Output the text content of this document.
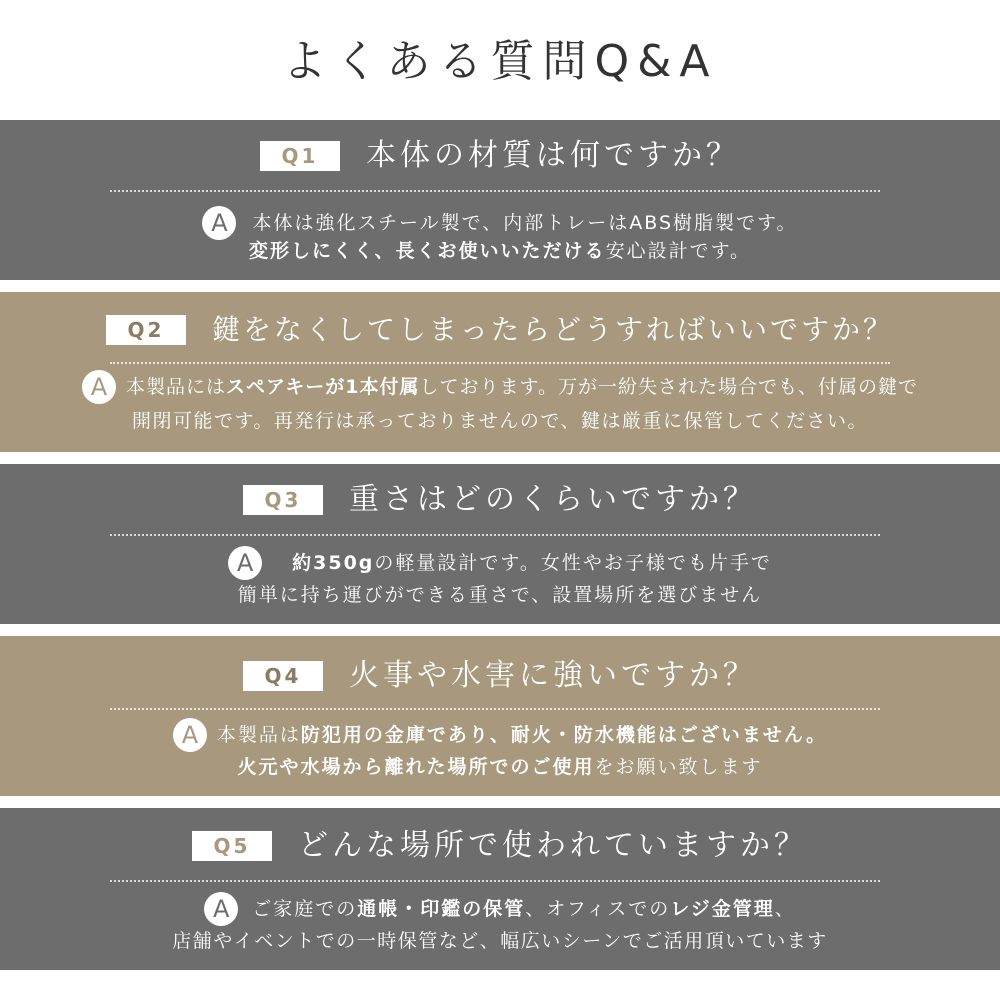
よくある質問Q&A
Q1	本体の材質は何ですか？
A	本体は強化スチール製で、内部トレーはABS樹脂製です。
変形しにくく、長くお使いいただける安心設計です。
Q2	鍵をなくしてしまったらどうすればいいですか？
A 本製品にはスペアキーが1本付属しております。万が一紛失された場合でも、付属の鍵で
開閉可能です。再発行は承っておりませんので、鍵は厳重に保管してください。
Q3	重さはどのくらいですか？
A	約350gの軽量設計です。女性やお子様でも片手で
簡単に持ち運びができる重さで、設置場所を選びません
Q4	火事や水害に強いですか？
A 本製品は防犯用の金庫であり、耐火・防水機能はございません。
火元や水場から離れた場所でのご使用をお願い致します
Q5	どんな場所で使われていますか？
A	ご家庭での通帳・印鑑の保管、オフィスでのレジ金管理、
店舗やイベントでの一時保管など、幅広いシーンでご活用頂いています
